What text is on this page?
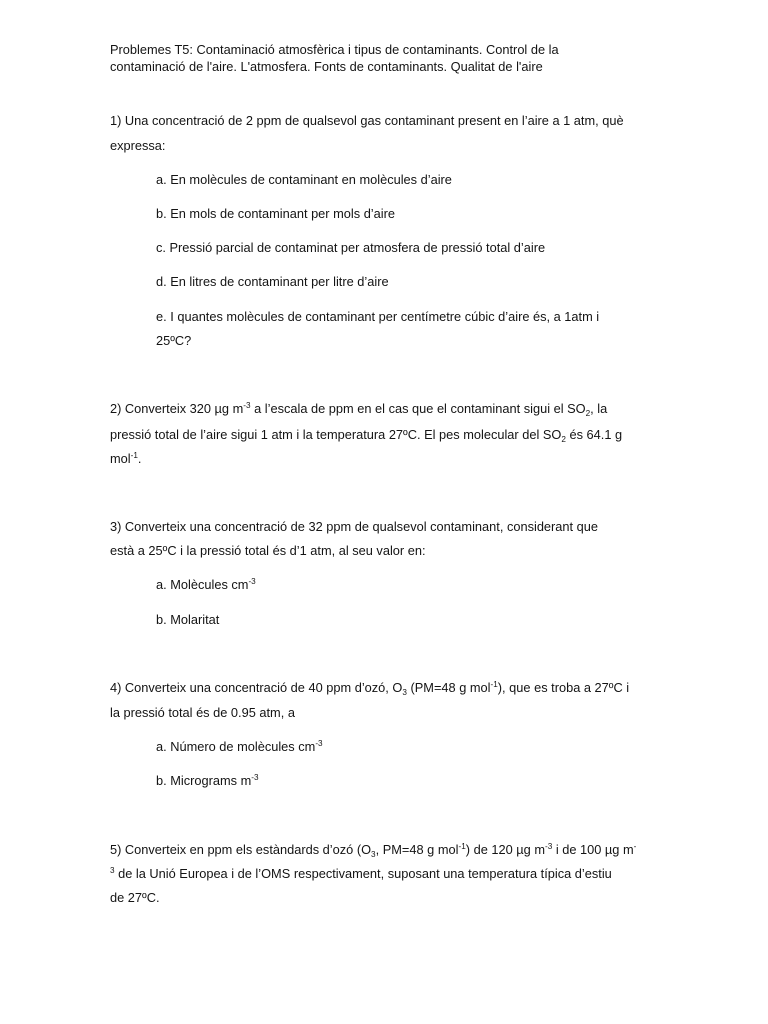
Problemes T5: Contaminació atmosfèrica i tipus de contaminants. Control de la
contaminació de l'aire. L'atmosfera. Fonts de contaminants. Qualitat de l'aire
1) Una concentració de 2 ppm de qualsevol gas contaminant present en l’aire a 1 atm, què
expressa:
a. En molècules de contaminant en molècules d’aire
b. En mols de contaminant per mols d’aire
c. Pressió parcial de contaminat per atmosfera de pressió total d’aire
d. En litres de contaminant per litre d’aire
e. I quantes molècules de contaminant per centímetre cúbic d’aire és, a 1atm i
25ºC?
2) Converteix 320 µg $m^{-3}$ a l’escala de ppm en el cas que el contaminant sigui el $SO_2$, la
pressió total de l’aire sigui 1 atm i la temperatura 27ºC. El pes molecular del $SO_2$ és 64.1 g
mol$^{-1}$.
3) Converteix una concentració de 32 ppm de qualsevol contaminant, considerant que
està a 25ºC i la pressió total és d’1 atm, al seu valor en:
a. Molècules $cm^{-3}$
b. Molaritat
4) Converteix una concentració de 40 ppm d’ozó, $O_3$ (PM=48 g mol$^{-1}$), que es troba a 27ºC i
la pressió total és de 0.95 atm, a
a. Número de molècules $cm^{-3}$
b. Micrograms $m^{-3}$
5) Converteix en ppm els estàndards d’ozó ($O_3$, PM=48 g mol$^{-1}$) de 120 µg $m^{-3}$ i de 100 µg m-
$^3$ de la Unió Europea i de l’OMS respectivament, suposant una temperatura típica d’estiu
de 27ºC.
